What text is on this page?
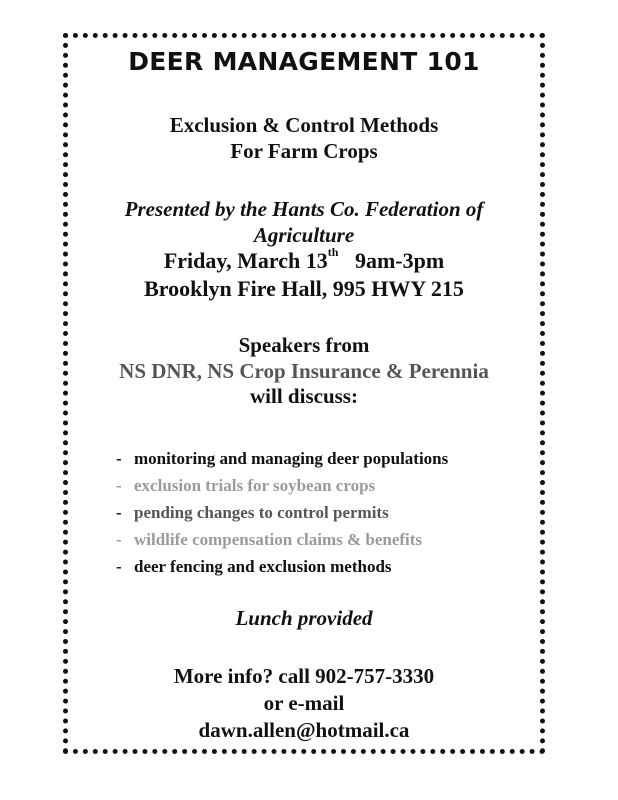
DEER MANAGEMENT 101
Exclusion & Control Methods
For Farm Crops
Presented by the Hants Co. Federation of
Agriculture
Friday, March 13th 9am-3pm
Brooklyn Fire Hall, 995 HWY 215
Speakers from
NS DNR, NS Crop Insurance & Perennia
will discuss:
- monitoring and managing deer populations
- exclusion trials for soybean crops
- pending changes to control permits
- wildlife compensation claims & benefits
- deer fencing and exclusion methods
Lunch provided
More info? call 902-757-3330
or e-mail
dawn.allen@hotmail.ca
